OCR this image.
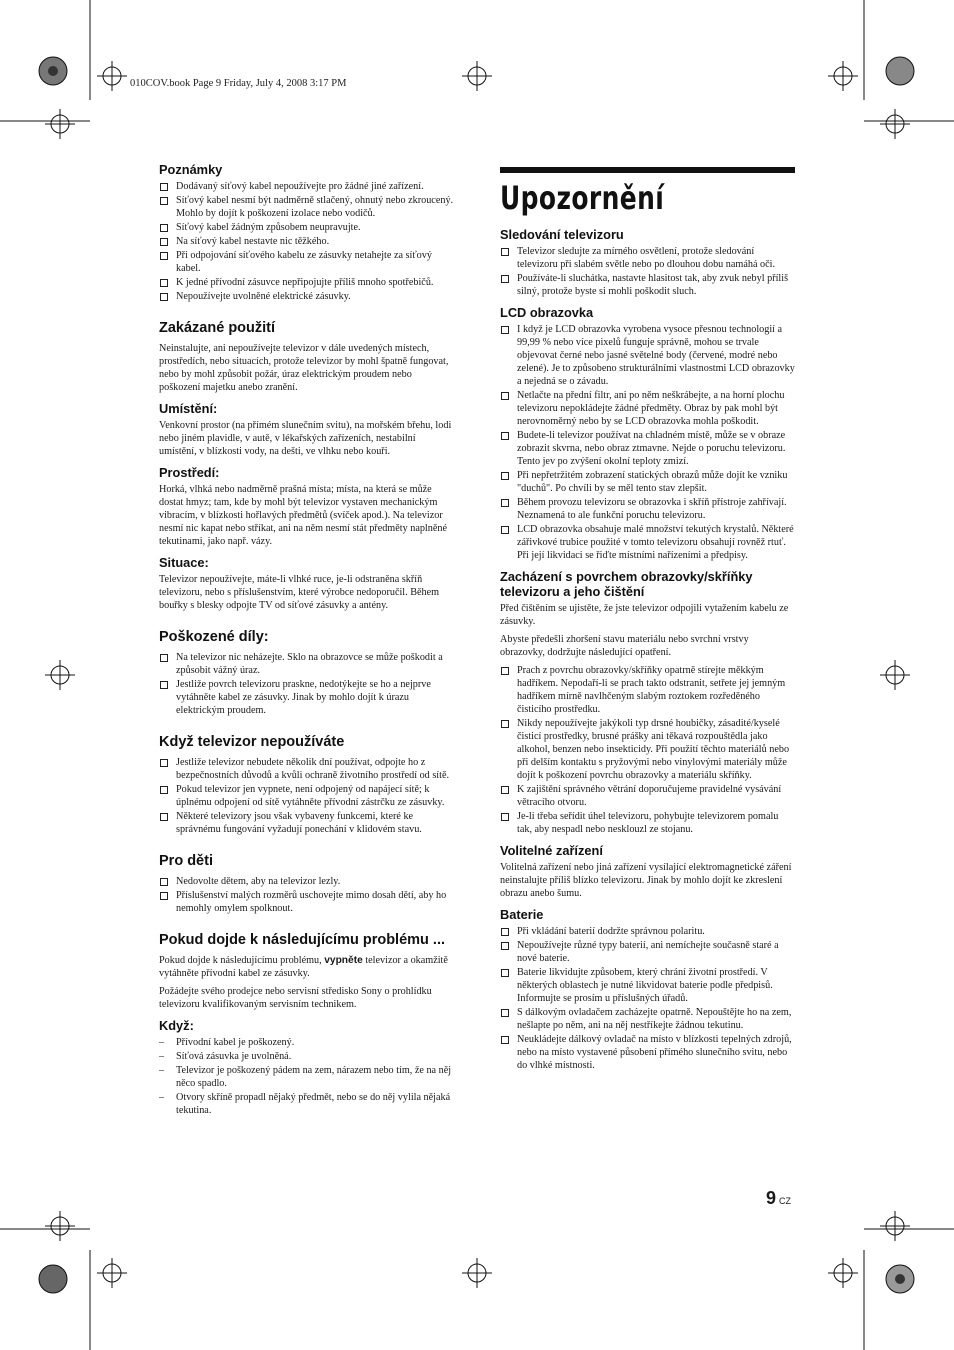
010COV.book Page 9 Friday, July 4, 2008 3:17 PM
Poznámky
Dodávaný síťový kabel nepoužívejte pro žádné jiné zařízení.
Síťový kabel nesmí být nadměrně stlačený, ohnutý nebo zkroucený. Mohlo by dojít k poškození izolace nebo vodičů.
Síťový kabel žádným způsobem neupravujte.
Na síťový kabel nestavte nic těžkého.
Při odpojování síťového kabelu ze zásuvky netahejte za síťový kabel.
K jedné přívodní zásuvce nepřipojujte příliš mnoho spotřebičů.
Nepoužívejte uvolněné elektrické zásuvky.
Zakázané použití

Neinstalujte, ani nepoužívejte televizor v dále uvedených místech, prostředích, nebo situacích, protože televizor by mohl špatně fungovat, nebo by mohl způsobit požár, úraz elektrickým proudem nebo poškození majetku anebo zranění.

Umístění:

Venkovní prostor (na přímém slunečním svitu), na mořském břehu, lodi nebo jiném plavidle, v autě, v lékařských zařízeních, nestabilní umístění, v blízkosti vody, na dešti, ve vlhku nebo kouři.

Prostředí:

Horká, vlhká nebo nadměrně prašná místa; místa, na která se může dostat hmyz; tam, kde by mohl být televizor vystaven mechanickým vibracím, v blízkosti hořlavých předmětů (svíček apod.). Na televizor nesmí nic kapat nebo stříkat, ani na něm nesmí stát předměty naplněné tekutinami, jako např. vázy.

Situace:

Televizor nepoužívejte, máte-li vlhké ruce, je-li odstraněna skříň televizoru, nebo s příslušenstvím, které výrobce nedoporučil. Během bouřky s blesky odpojte TV od síťové zásuvky a antény.

Poškozené díly:
Na televizor nic neházejte. Sklo na obrazovce se může poškodit a způsobit vážný úraz.
Jestliže povrch televizoru praskne, nedotýkejte se ho a nejprve vytáhněte kabel ze zásuvky. Jinak by mohlo dojít k úrazu elektrickým proudem.
Když televizor nepoužíváte
Jestliže televizor nebudete několik dní používat, odpojte ho z bezpečnostních důvodů a kvůli ochraně životního prostředí od sítě.
Pokud televizor jen vypnete, není odpojený od napájecí sítě; k úplnému odpojení od sítě vytáhněte přívodní zástrčku ze zásuvky.
Některé televizory jsou však vybaveny funkcemi, které ke správnému fungování vyžadují ponechání v klidovém stavu.
Pro děti
Nedovolte dětem, aby na televizor lezly.
Příslušenství malých rozměrů uschovejte mimo dosah dětí, aby ho nemohly omylem spolknout.
Pokud dojde k následujícímu problému ...

Pokud dojde k následujícímu problému, vypněte televizor a okamžitě vytáhněte přívodní kabel ze zásuvky.

Požádejte svého prodejce nebo servisní středisko Sony o prohlídku televizoru kvalifikovaným servisním technikem.

Když:
– Přívodní kabel je poškozený.
– Síťová zásuvka je uvolněná.
– Televizor je poškozený pádem na zem, nárazem nebo tím, že na něj něco spadlo.
– Otvory skříně propadl nějaký předmět, nebo se do něj vylila nějaká tekutina.
Upozornění
Sledování televizoru
Televizor sledujte za mírného osvětlení, protože sledování televizoru při slabém světle nebo po dlouhou dobu namáhá oči.
Používáte-li sluchátka, nastavte hlasitost tak, aby zvuk nebyl příliš silný, protože byste si mohli poškodit sluch.
LCD obrazovka
I když je LCD obrazovka vyrobena vysoce přesnou technologií a 99,99 % nebo více pixelů funguje správně, mohou se trvale objevovat černé nebo jasné světelné body (červené, modré nebo zelené). Je to způsobeno strukturálními vlastnostmi LCD obrazovky a nejedná se o závadu.
Netlačte na přední filtr, ani po něm neškrábejte, a na horní plochu televizoru nepokládejte žádné předměty. Obraz by pak mohl být nerovnoměrný nebo by se LCD obrazovka mohla poškodit.
Budete-li televizor používat na chladném místě, může se v obraze zobrazit skvrna, nebo obraz ztmavne. Nejde o poruchu televizoru. Tento jev po zvýšení okolní teploty zmizí.
Při nepřetržitém zobrazení statických obrazů může dojít ke vzniku "duchů". Po chvíli by se měl tento stav zlepšit.
Během provozu televizoru se obrazovka i skříň přístroje zahřívají. Neznamená to ale funkční poruchu televizoru.
LCD obrazovka obsahuje malé množství tekutých krystalů. Některé zářivkové trubice použité v tomto televizoru obsahují rovněž rtuť. Při její likvidaci se řiďte místními nařízeními a předpisy.
Zacházení s povrchem obrazovky/skříňky televizoru a jeho čištění

Před čištěním se ujistěte, že jste televizor odpojili vytažením kabelu ze zásuvky.

Abyste předešli zhoršení stavu materiálu nebo svrchní vrstvy obrazovky, dodržujte následující opatření.

Prach z povrchu obrazovky/skříňky opatrně stírejte měkkým hadříkem. Nepodaří-li se prach takto odstranit, setřete jej jemným hadříkem mírně navlhčeným slabým roztokem rozředěného čisticího prostředku.
Nikdy nepoužívejte jakýkoli typ drsné houbičky, zásadité/kyselé čisticí prostředky, brusné prášky ani těkavá rozpouštědla jako alkohol, benzen nebo insekticidy. Při použití těchto materiálů nebo při delším kontaktu s pryžovými nebo vinylovými materiály může dojít k poškození povrchu obrazovky a materiálu skříňky.
K zajištění správného větrání doporučujeme pravidelné vysávání větracího otvoru.
Je-li třeba seřídit úhel televizoru, pohybujte televizorem pomalu tak, aby nespadl nebo nesklouzl ze stojanu.
Volitelné zařízení

Volitelná zařízení nebo jiná zařízení vysílající elektromagnetické záření neinstalujte příliš blízko televizoru. Jinak by mohlo dojít ke zkreslení obrazu anebo šumu.

Baterie
Při vkládání baterií dodržte správnou polaritu.
Nepoužívejte různé typy baterií, ani nemíchejte současně staré a nové baterie.
Baterie likvidujte způsobem, který chrání životní prostředí. V některých oblastech je nutné likvidovat baterie podle předpisů. Informujte se prosím u příslušných úřadů.
S dálkovým ovladačem zacházejte opatrně. Nepouštějte ho na zem, nešlapte po něm, ani na něj nestříkejte žádnou tekutinu.
Neukládejte dálkový ovladač na místo v blízkosti tepelných zdrojů, nebo na místo vystavené působení přímého slunečního svitu, nebo do vlhké místnosti.
9 CZ
